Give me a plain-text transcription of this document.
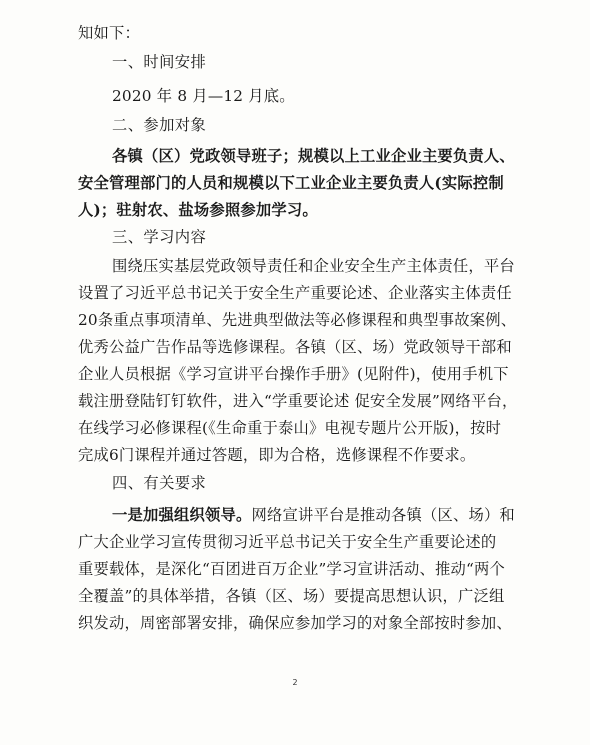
知如下：

一、时间安排

2020 年 8 月—12 月底。

二、参加对象

各镇（区）党政领导班子；规模以上工业企业主要负责人、

安全管理部门的人员和规模以下工业企业主要负责人(实际控制

人)；驻射农、盐场参照参加学习。

三、学习内容

围绕压实基层党政领导责任和企业安全生产主体责任，平台

设置了习近平总书记关于安全生产重要论述、企业落实主体责任

20条重点事项清单、先进典型做法等必修课程和典型事故案例、

优秀公益广告作品等选修课程。各镇（区、场）党政领导干部和

企业人员根据《学习宣讲平台操作手册》(见附件)，使用手机下

载注册登陆钉钉软件，进入“学重要论述 促安全发展”网络平台，

在线学习必修课程(《生命重于泰山》电视专题片公开版)，按时

完成6门课程并通过答题，即为合格，选修课程不作要求。

四、有关要求

一是加强组织领导。网络宣讲平台是推动各镇（区、场）和

广大企业学习宣传贯彻习近平总书记关于安全生产重要论述的

重要载体，是深化“百团进百万企业”学习宣讲活动、推动“两个

全覆盖”的具体举措，各镇（区、场）要提高思想认识，广泛组

织发动，周密部署安排，确保应参加学习的对象全部按时参加、

2
